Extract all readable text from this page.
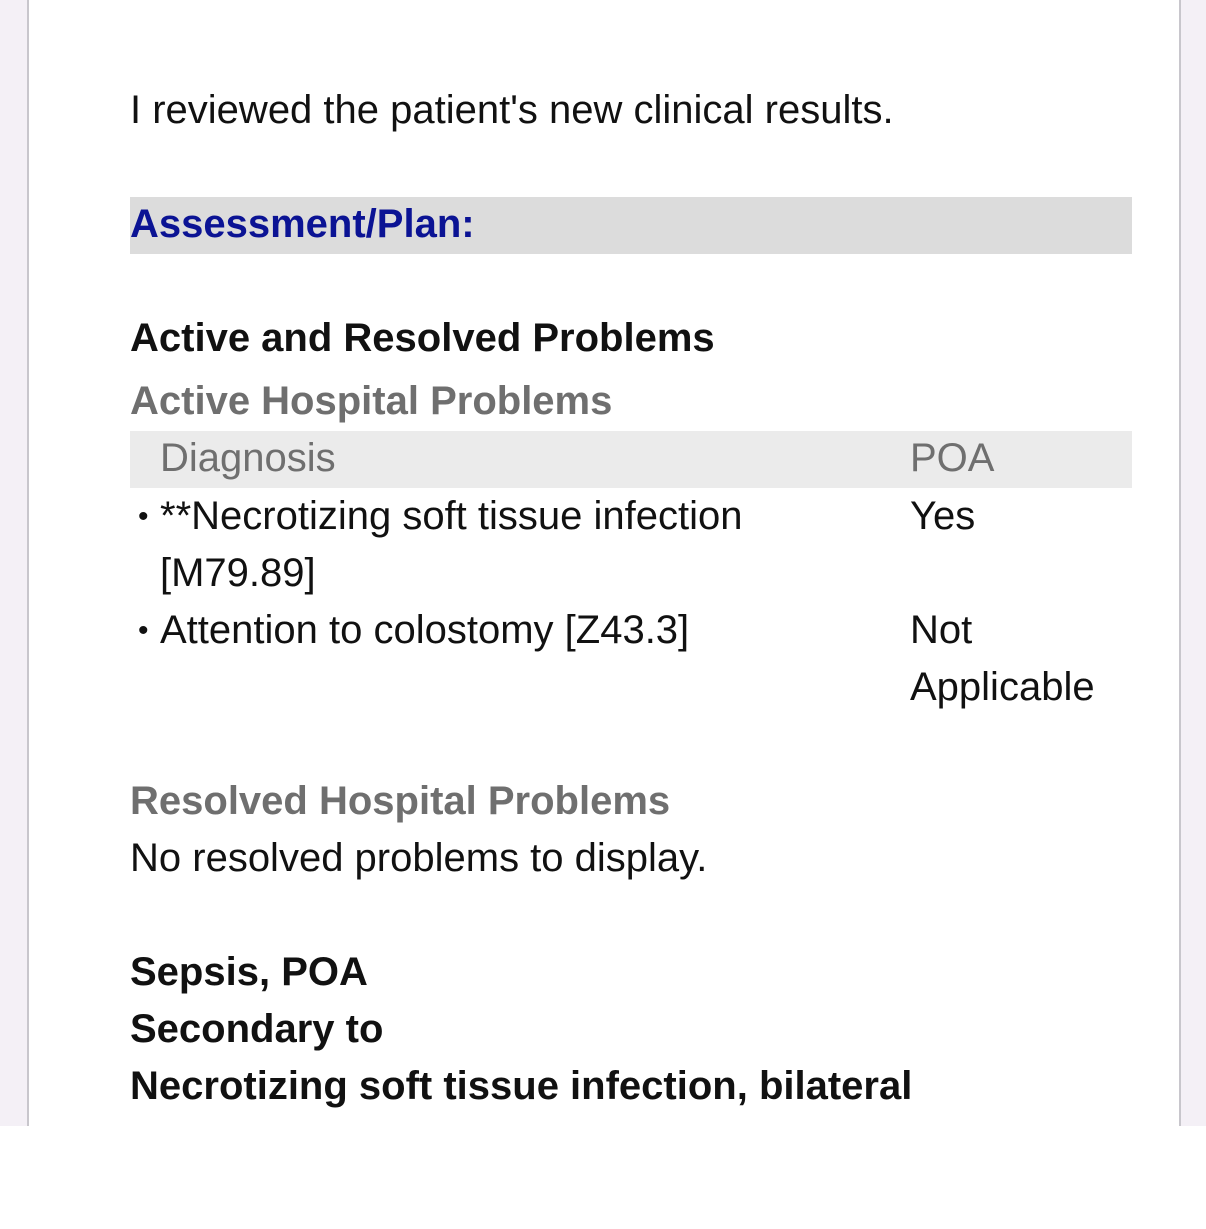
I reviewed the patient's new clinical results.
Assessment/Plan:
Active and Resolved Problems
Active Hospital Problems
Diagnosis	POA
• **Necrotizing soft tissue infection
[M79.89]
Yes
• Attention to colostomy [Z43.3]	Not
Applicable
Resolved Hospital Problems
No resolved problems to display.
Sepsis, POA
Secondary to
Necrotizing soft tissue infection, bilateral
